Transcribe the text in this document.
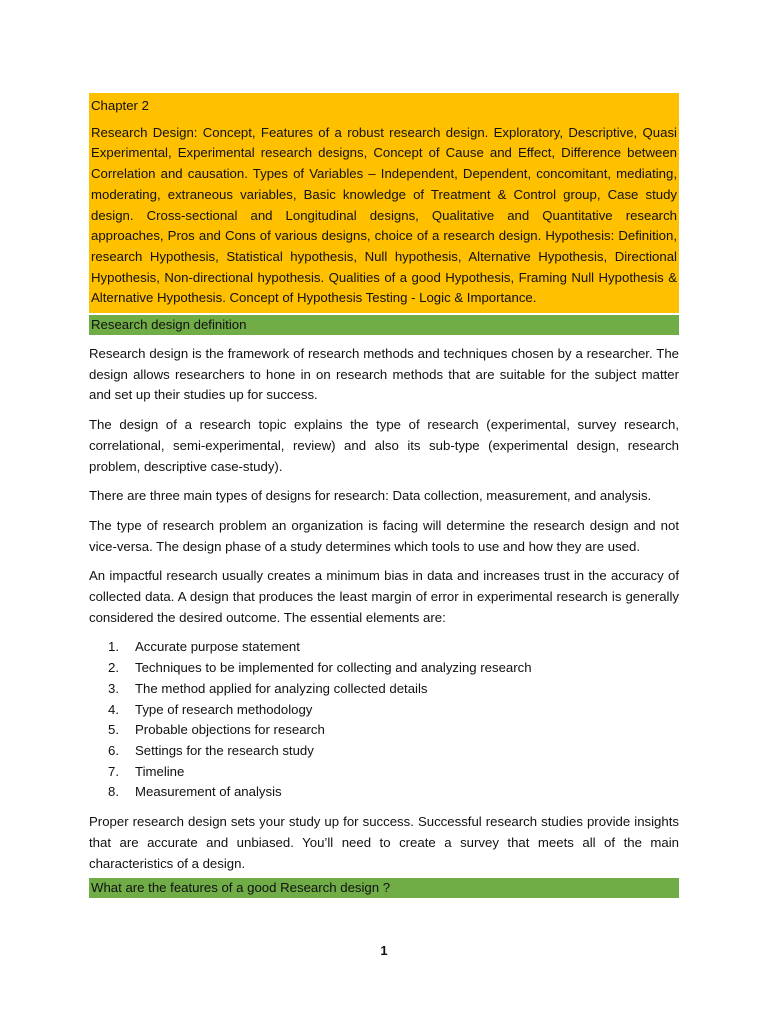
Chapter 2

Research Design: Concept, Features of a robust research design. Exploratory, Descriptive, Quasi Experimental, Experimental research designs, Concept of Cause and Effect, Difference between Correlation and causation. Types of Variables – Independent, Dependent, concomitant, mediating, moderating, extraneous variables, Basic knowledge of Treatment & Control group, Case study design. Cross-sectional and Longitudinal designs, Qualitative and Quantitative research approaches, Pros and Cons of various designs, choice of a research design. Hypothesis: Definition, research Hypothesis, Statistical hypothesis, Null hypothesis, Alternative Hypothesis, Directional Hypothesis, Non-directional hypothesis. Qualities of a good Hypothesis, Framing Null Hypothesis & Alternative Hypothesis. Concept of Hypothesis Testing - Logic & Importance.

Research design definition

Research design is the framework of research methods and techniques chosen by a researcher. The design allows researchers to hone in on research methods that are suitable for the subject matter and set up their studies up for success.

The design of a research topic explains the type of research (experimental, survey research, correlational, semi-experimental, review) and also its sub-type (experimental design, research problem, descriptive case-study).

There are three main types of designs for research: Data collection, measurement, and analysis.

The type of research problem an organization is facing will determine the research design and not vice-versa. The design phase of a study determines which tools to use and how they are used.

An impactful research usually creates a minimum bias in data and increases trust in the accuracy of collected data. A design that produces the least margin of error in experimental research is generally considered the desired outcome. The essential elements are:

1.	Accurate purpose statement
2.	Techniques to be implemented for collecting and analyzing research
3.	The method applied for analyzing collected details
4.	Type of research methodology
5.	Probable objections for research
6.	Settings for the research study
7.	Timeline
8.	Measurement of analysis

Proper research design sets your study up for success. Successful research studies provide insights that are accurate and unbiased. You’ll need to create a survey that meets all of the main characteristics of a design.

What are the features of a good Research design ?
1
